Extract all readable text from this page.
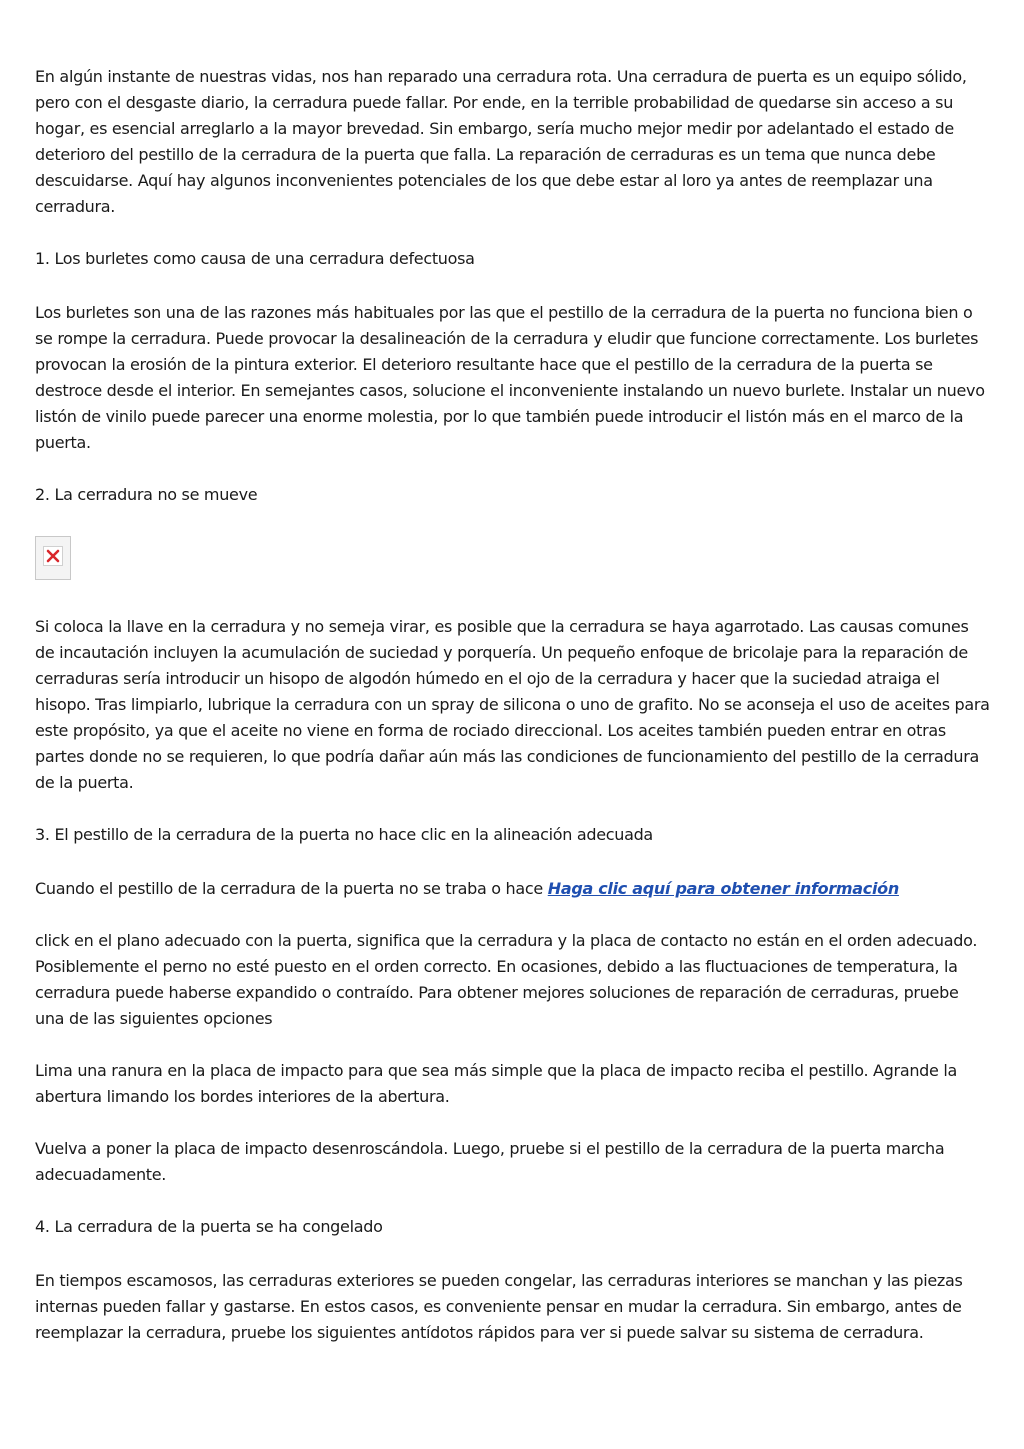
En algún instante de nuestras vidas, nos han reparado una cerradura rota. Una cerradura de puerta es un equipo sólido, pero con el desgaste diario, la cerradura puede fallar. Por ende, en la terrible probabilidad de quedarse sin acceso a su hogar, es esencial arreglarlo a la mayor brevedad. Sin embargo, sería mucho mejor medir por adelantado el estado de deterioro del pestillo de la cerradura de la puerta que falla. La reparación de cerraduras es un tema que nunca debe descuidarse. Aquí hay algunos inconvenientes potenciales de los que debe estar al loro ya antes de reemplazar una cerradura.

1. Los burletes como causa de una cerradura defectuosa

Los burletes son una de las razones más habituales por las que el pestillo de la cerradura de la puerta no funciona bien o se rompe la cerradura. Puede provocar la desalineación de la cerradura y eludir que funcione correctamente. Los burletes provocan la erosión de la pintura exterior. El deterioro resultante hace que el pestillo de la cerradura de la puerta se destroce desde el interior. En semejantes casos, solucione el inconveniente instalando un nuevo burlete. Instalar un nuevo listón de vinilo puede parecer una enorme molestia, por lo que también puede introducir el listón más en el marco de la puerta.

2. La cerradura no se mueve

Si coloca la llave en la cerradura y no semeja virar, es posible que la cerradura se haya agarrotado. Las causas comunes de incautación incluyen la acumulación de suciedad y porquería. Un pequeño enfoque de bricolaje para la reparación de cerraduras sería introducir un hisopo de algodón húmedo en el ojo de la cerradura y hacer que la suciedad atraiga el hisopo. Tras limpiarlo, lubrique la cerradura con un spray de silicona o uno de grafito. No se aconseja el uso de aceites para este propósito, ya que el aceite no viene en forma de rociado direccional. Los aceites también pueden entrar en otras partes donde no se requieren, lo que podría dañar aún más las condiciones de funcionamiento del pestillo de la cerradura de la puerta.

3. El pestillo de la cerradura de la puerta no hace clic en la alineación adecuada

Cuando el pestillo de la cerradura de la puerta no se traba o hace Haga clic aquí para obtener información

click en el plano adecuado con la puerta, significa que la cerradura y la placa de contacto no están en el orden adecuado. Posiblemente el perno no esté puesto en el orden correcto. En ocasiones, debido a las fluctuaciones de temperatura, la cerradura puede haberse expandido o contraído. Para obtener mejores soluciones de reparación de cerraduras, pruebe una de las siguientes opciones

Lima una ranura en la placa de impacto para que sea más simple que la placa de impacto reciba el pestillo. Agrande la abertura limando los bordes interiores de la abertura.

Vuelva a poner la placa de impacto desenroscándola. Luego, pruebe si el pestillo de la cerradura de la puerta marcha adecuadamente.

4. La cerradura de la puerta se ha congelado

En tiempos escamosos, las cerraduras exteriores se pueden congelar, las cerraduras interiores se manchan y las piezas internas pueden fallar y gastarse. En estos casos, es conveniente pensar en mudar la cerradura. Sin embargo, antes de reemplazar la cerradura, pruebe los siguientes antídotos rápidos para ver si puede salvar su sistema de cerradura.
